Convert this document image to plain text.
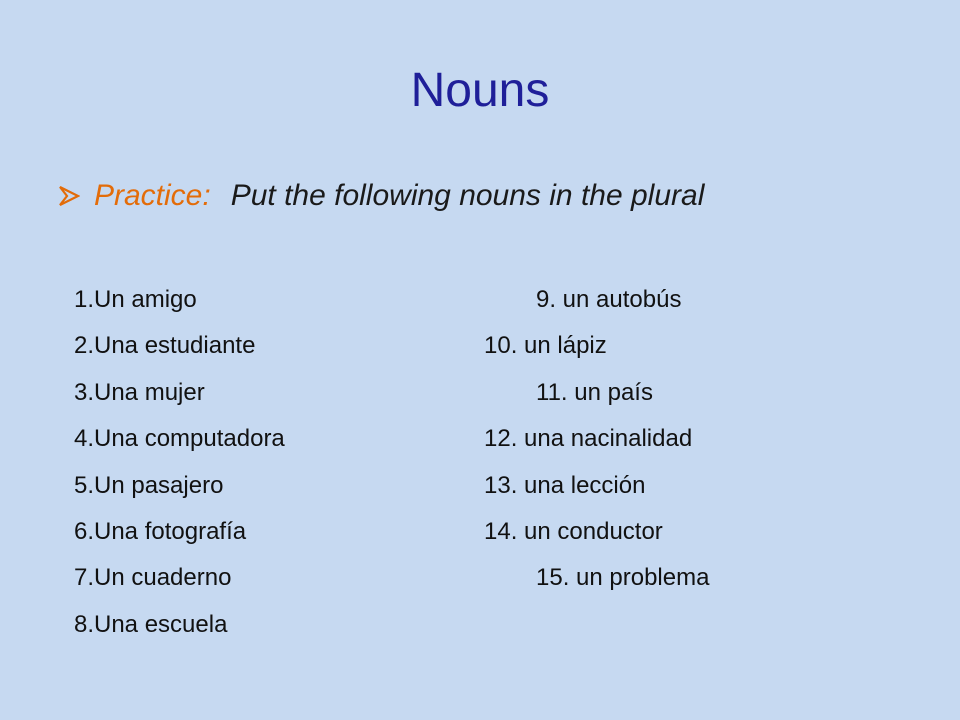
Nouns
Practice: Put the following nouns in the plural
1. Un amigo
2. Una estudiante
3. Una mujer
4. Una computadora
5. Un pasajero
6. Una fotografía
7. Un cuaderno
8. Una escuela
9. un autobús
10. un lápiz
11. un país
12. una nacinalidad
13. una lección
14. un conductor
15. un problema
